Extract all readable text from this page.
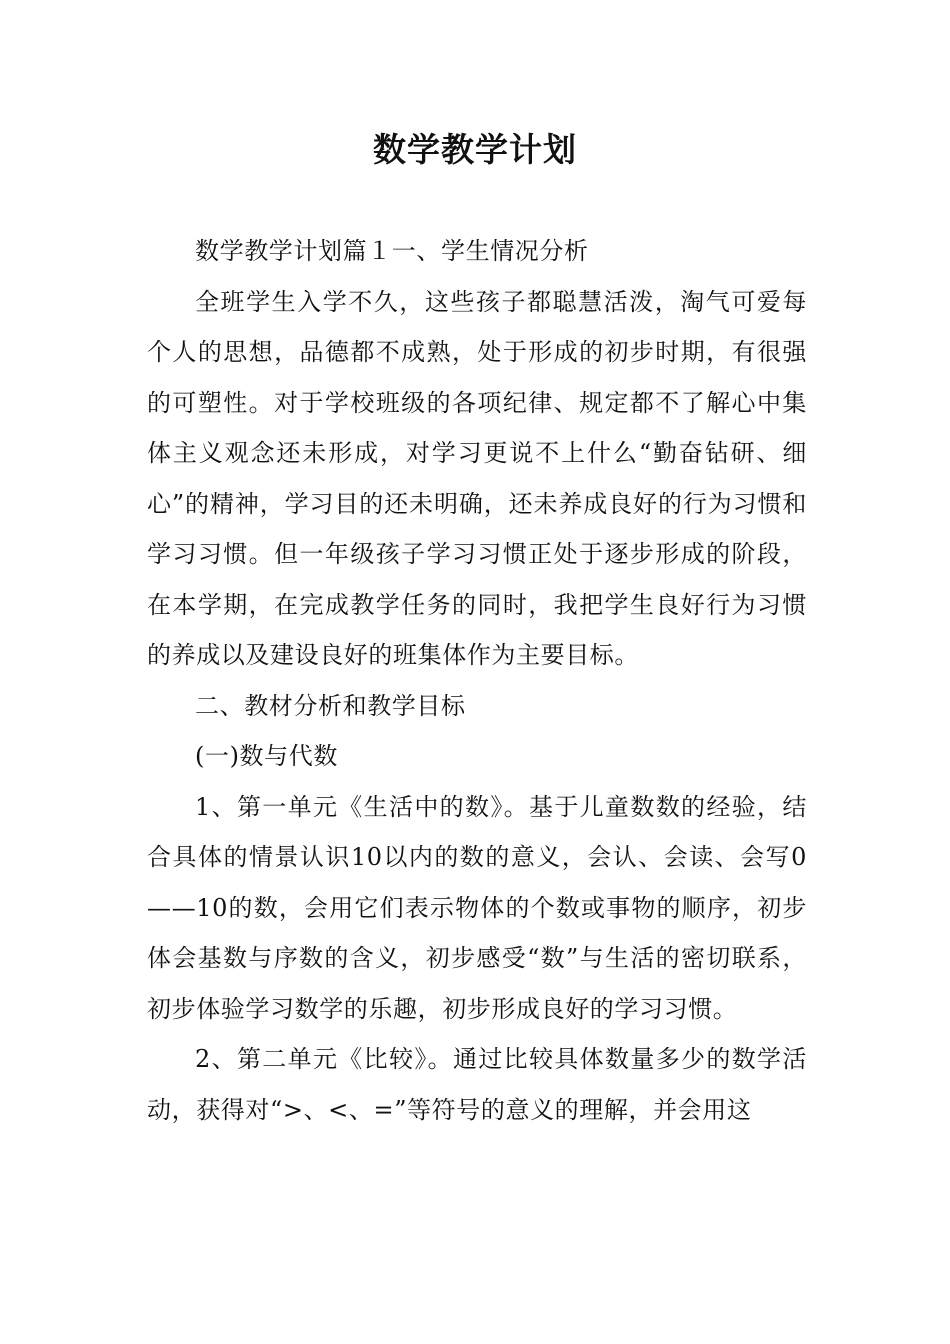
数学教学计划

数学教学计划篇１一、学生情况分析

全班学生入学不久，这些孩子都聪慧活泼，淘气可爱每个人的思想，品德都不成熟，处于形成的初步时期，有很强的可塑性。对于学校班级的各项纪律、规定都不了解心中集体主义观念还未形成，对学习更说不上什么“勤奋钻研、细心”的精神，学习目的还未明确，还未养成良好的行为习惯和学习习惯。但一年级孩子学习习惯正处于逐步形成的阶段，在本学期，在完成教学任务的同时，我把学生良好行为习惯的养成以及建设良好的班集体作为主要目标。

二、教材分析和教学目标

(一)数与代数

1、第一单元《生活中的数》。基于儿童数数的经验，结合具体的情景认识10以内的数的意义，会认、会读、会写0——10的数，会用它们表示物体的个数或事物的顺序，初步体会基数与序数的含义，初步感受“数”与生活的密切联系，初步体验学习数学的乐趣，初步形成良好的学习习惯。

2、第二单元《比较》。通过比较具体数量多少的数学活动，获得对“>、<、=”等符号的意义的理解，并会用这
